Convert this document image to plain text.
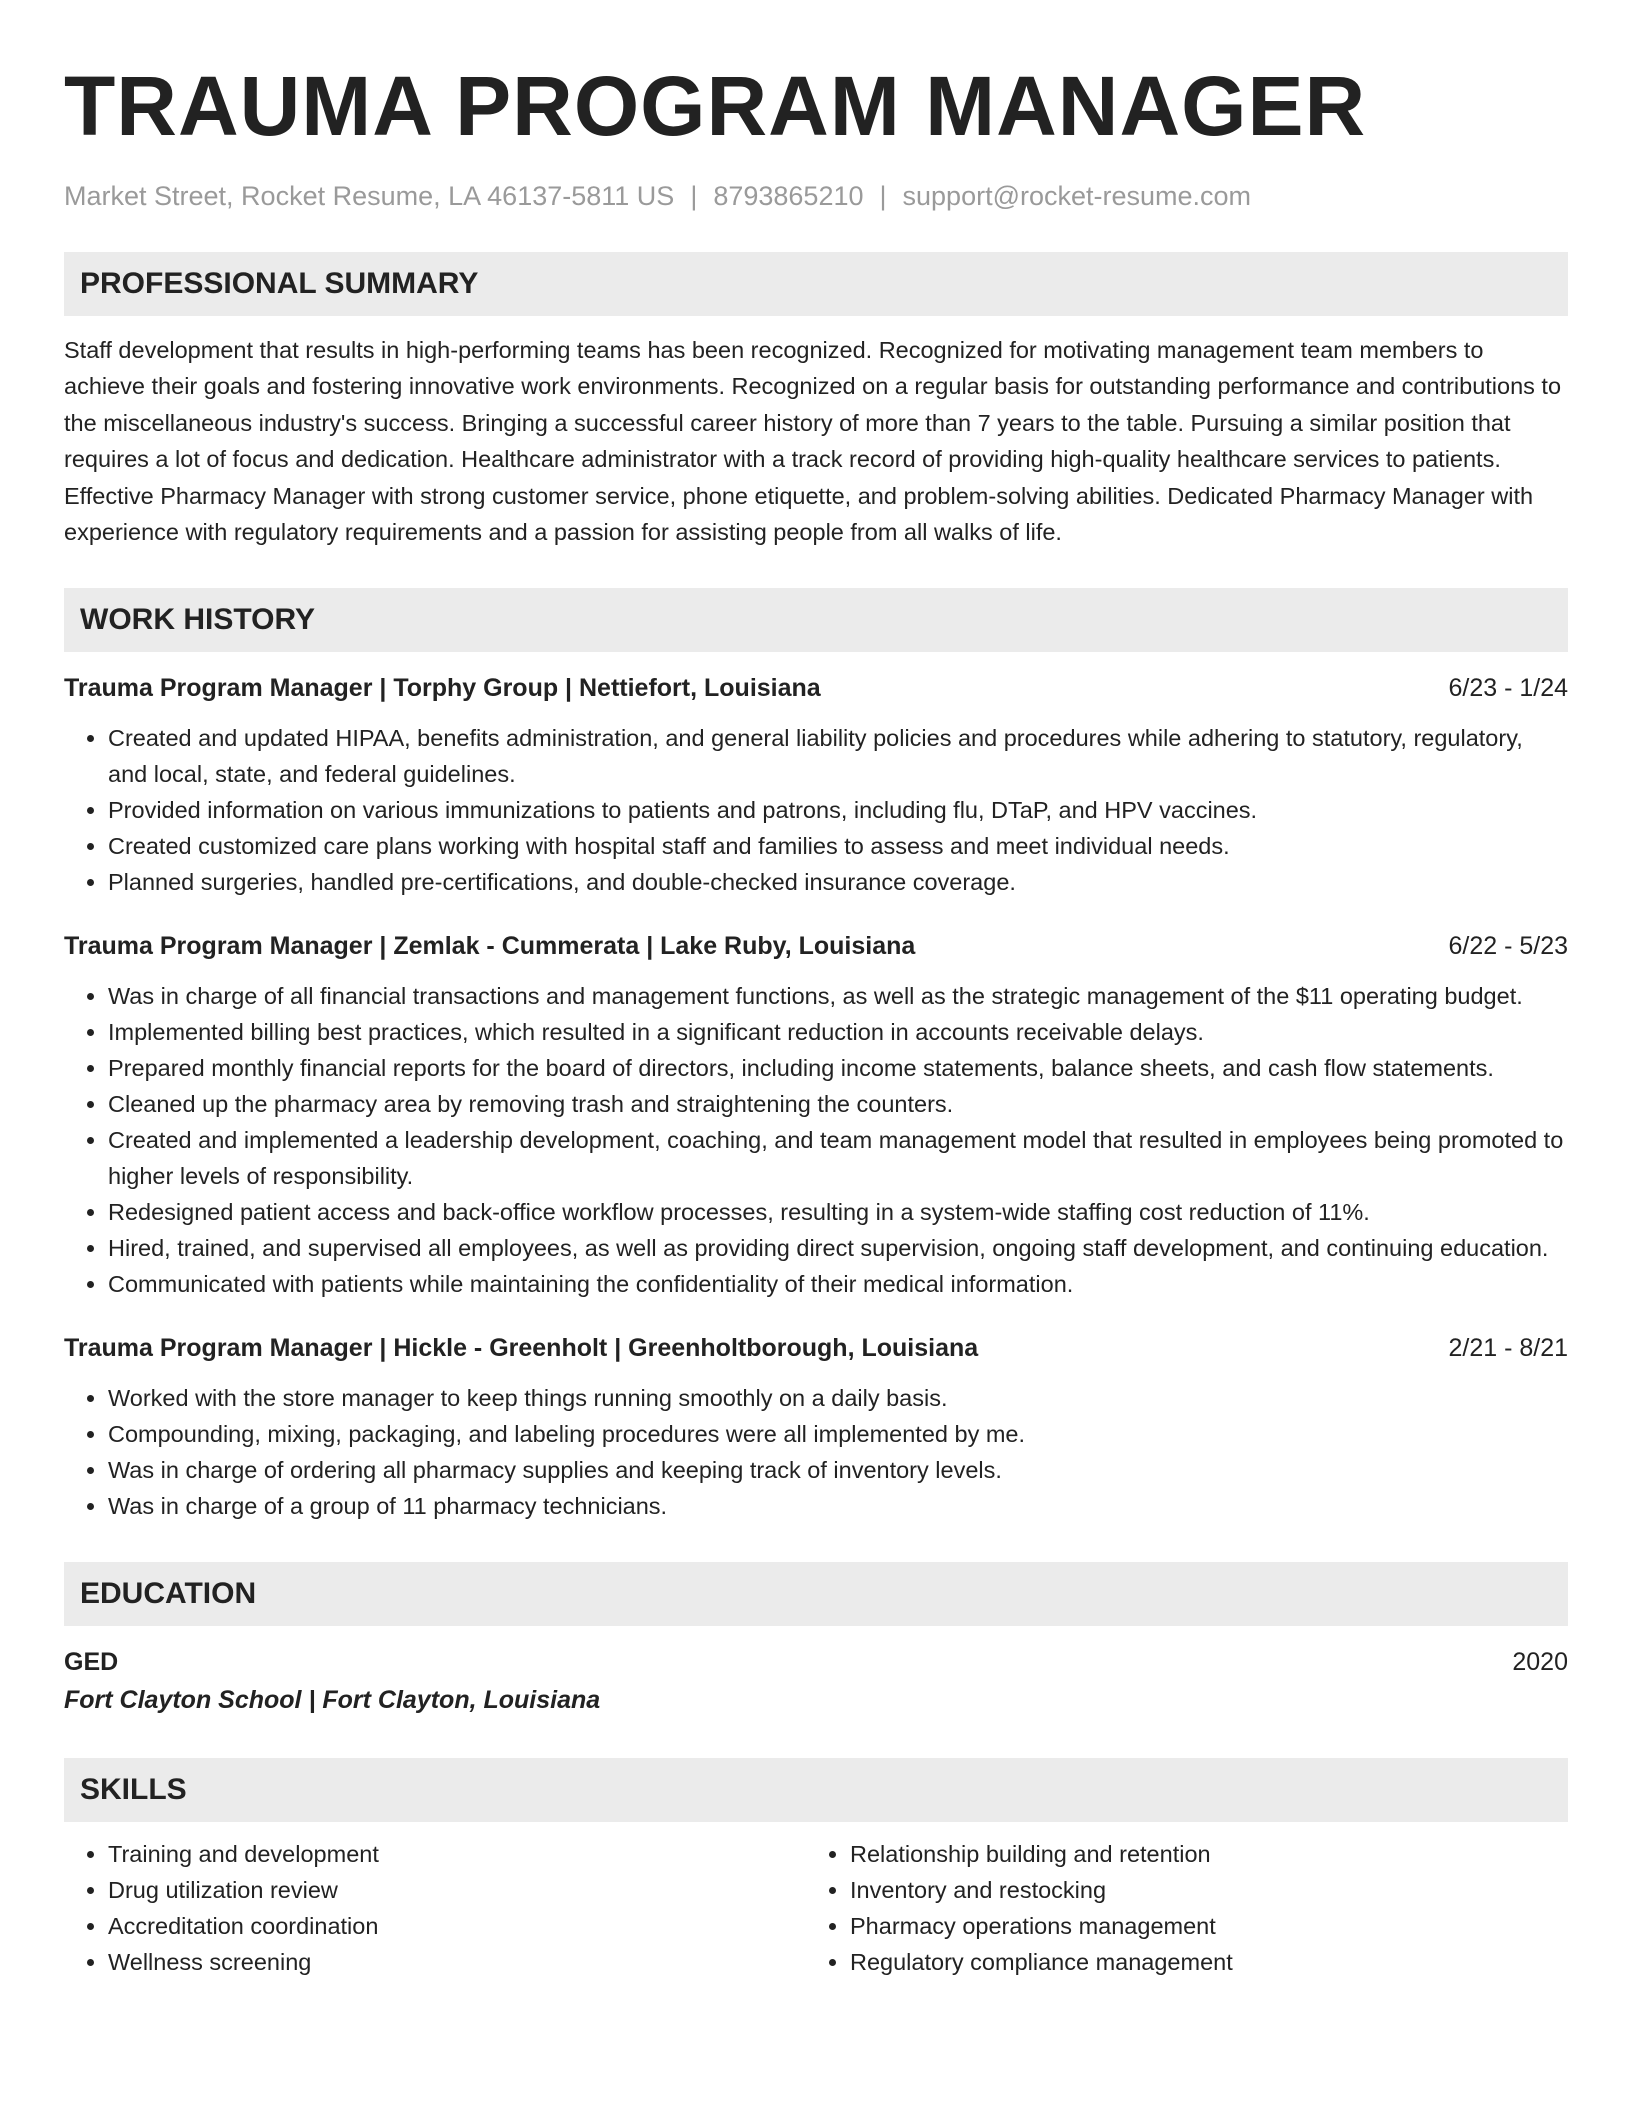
TRAUMA PROGRAM MANAGER
Market Street, Rocket Resume, LA 46137-5811 US | 8793865210 | support@rocket-resume.com
PROFESSIONAL SUMMARY
Staff development that results in high-performing teams has been recognized. Recognized for motivating management team members to achieve their goals and fostering innovative work environments. Recognized on a regular basis for outstanding performance and contributions to the miscellaneous industry's success. Bringing a successful career history of more than 7 years to the table. Pursuing a similar position that requires a lot of focus and dedication. Healthcare administrator with a track record of providing high-quality healthcare services to patients. Effective Pharmacy Manager with strong customer service, phone etiquette, and problem-solving abilities. Dedicated Pharmacy Manager with experience with regulatory requirements and a passion for assisting people from all walks of life.
WORK HISTORY
Trauma Program Manager | Torphy Group | Nettiefort, Louisiana	6/23 - 1/24
• Created and updated HIPAA, benefits administration, and general liability policies and procedures while adhering to statutory, regulatory, and local, state, and federal guidelines.
• Provided information on various immunizations to patients and patrons, including flu, DTaP, and HPV vaccines.
• Created customized care plans working with hospital staff and families to assess and meet individual needs.
• Planned surgeries, handled pre-certifications, and double-checked insurance coverage.
Trauma Program Manager | Zemlak - Cummerata | Lake Ruby, Louisiana	6/22 - 5/23
• Was in charge of all financial transactions and management functions, as well as the strategic management of the $11 operating budget.
• Implemented billing best practices, which resulted in a significant reduction in accounts receivable delays.
• Prepared monthly financial reports for the board of directors, including income statements, balance sheets, and cash flow statements.
• Cleaned up the pharmacy area by removing trash and straightening the counters.
• Created and implemented a leadership development, coaching, and team management model that resulted in employees being promoted to higher levels of responsibility.
• Redesigned patient access and back-office workflow processes, resulting in a system-wide staffing cost reduction of 11%.
• Hired, trained, and supervised all employees, as well as providing direct supervision, ongoing staff development, and continuing education.
• Communicated with patients while maintaining the confidentiality of their medical information.
Trauma Program Manager | Hickle - Greenholt | Greenholtborough, Louisiana	2/21 - 8/21
• Worked with the store manager to keep things running smoothly on a daily basis.
• Compounding, mixing, packaging, and labeling procedures were all implemented by me.
• Was in charge of ordering all pharmacy supplies and keeping track of inventory levels.
• Was in charge of a group of 11 pharmacy technicians.
EDUCATION
GED	2020
Fort Clayton School | Fort Clayton, Louisiana
SKILLS
• Training and development
• Drug utilization review
• Accreditation coordination
• Wellness screening
• Relationship building and retention
• Inventory and restocking
• Pharmacy operations management
• Regulatory compliance management
